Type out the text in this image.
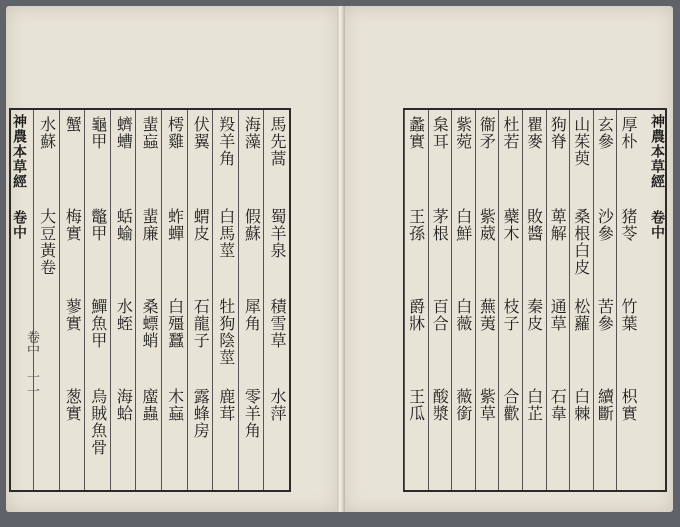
神農本草經
卷中
卷中 十一
馬先蒿
蜀羊泉
積雪草
水萍
海藻
假蘇
犀角
零羊角
羖羊角
白馬莖
牡狗陰莖
鹿茸
伏翼
蝟皮
石龍子
露蜂房
樗雞
蚱蟬
白殭蠶
木蝱
蜚蝱
蜚廉
桑螵蛸
䗪蟲
蠐螬
蛞蝓
水蛭
海蛤
龜甲
鼈甲
鱓魚甲
烏賊魚骨
蟹
梅實
蓼實
葱實
水蘇
大豆黃卷
神農本草經
卷中
厚朴
猪苓
竹葉
枳實
玄參
沙參
苦參
續斷
山茱萸
桑根白皮
松蘿
白棘
狗脊
萆解
通草
石韋
瞿麥
敗醬
秦皮
白芷
杜若
蘗木
枝子
合歡
衞矛
紫葳
蕪荑
紫草
紫菀
白鮮
白薇
薇銜
枲耳
茅根
百合
酸漿
蠡實
王孫
爵牀
王瓜
